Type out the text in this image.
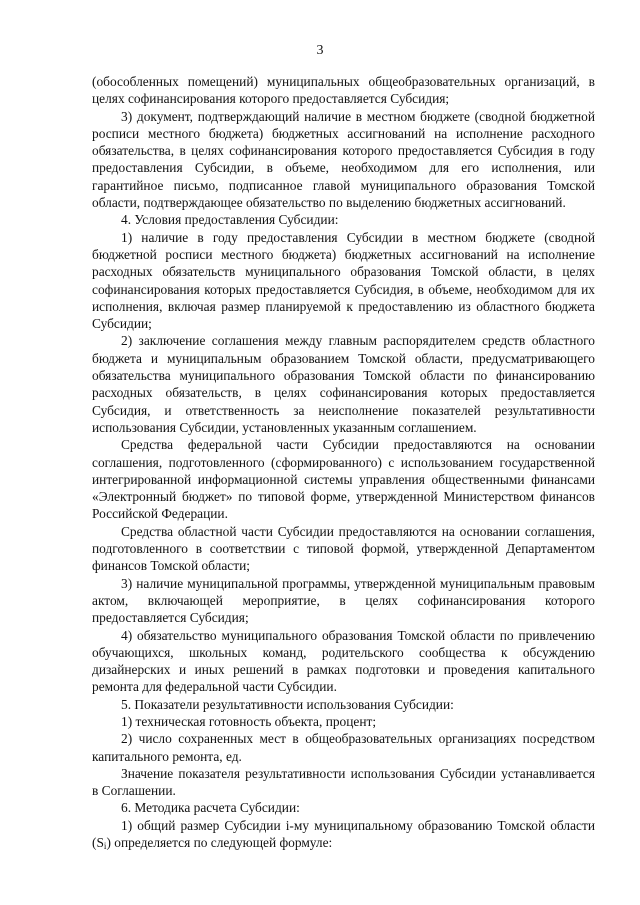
3

(обособленных помещений) муниципальных общеобразовательных организаций, в целях софинансирования которого предоставляется Субсидия;

3) документ, подтверждающий наличие в местном бюджете (сводной бюджетной росписи местного бюджета) бюджетных ассигнований на исполнение расходного обязательства, в целях софинансирования которого предоставляется Субсидия в году предоставления Субсидии, в объеме, необходимом для его исполнения, или гарантийное письмо, подписанное главой муниципального образования Томской области, подтверждающее обязательство по выделению бюджетных ассигнований.

4. Условия предоставления Субсидии:

1) наличие в году предоставления Субсидии в местном бюджете (сводной бюджетной росписи местного бюджета) бюджетных ассигнований на исполнение расходных обязательств муниципального образования Томской области, в целях софинансирования которых предоставляется Субсидия, в объеме, необходимом для их исполнения, включая размер планируемой к предоставлению из областного бюджета Субсидии;

2) заключение соглашения между главным распорядителем средств областного бюджета и муниципальным образованием Томской области, предусматривающего обязательства муниципального образования Томской области по финансированию расходных обязательств, в целях софинансирования которых предоставляется Субсидия, и ответственность за неисполнение показателей результативности использования Субсидии, установленных указанным соглашением.

Средства федеральной части Субсидии предоставляются на основании соглашения, подготовленного (сформированного) с использованием государственной интегрированной информационной системы управления общественными финансами «Электронный бюджет» по типовой форме, утвержденной Министерством финансов Российской Федерации.

Средства областной части Субсидии предоставляются на основании соглашения, подготовленного в соответствии с типовой формой, утвержденной Департаментом финансов Томской области;

3) наличие муниципальной программы, утвержденной муниципальным правовым актом, включающей мероприятие, в целях софинансирования которого предоставляется Субсидия;

4) обязательство муниципального образования Томской области по привлечению обучающихся, школьных команд, родительского сообщества к обсуждению дизайнерских и иных решений в рамках подготовки и проведения капитального ремонта для федеральной части Субсидии.

5. Показатели результативности использования Субсидии:

1) техническая готовность объекта, процент;

2) число сохраненных мест в общеобразовательных организациях посредством капитального ремонта, ед.

Значение показателя результативности использования Субсидии устанавливается в Соглашении.

6. Методика расчета Субсидии:

1) общий размер Субсидии i-му муниципальному образованию Томской области $(S_i)$ определяется по следующей формуле:
